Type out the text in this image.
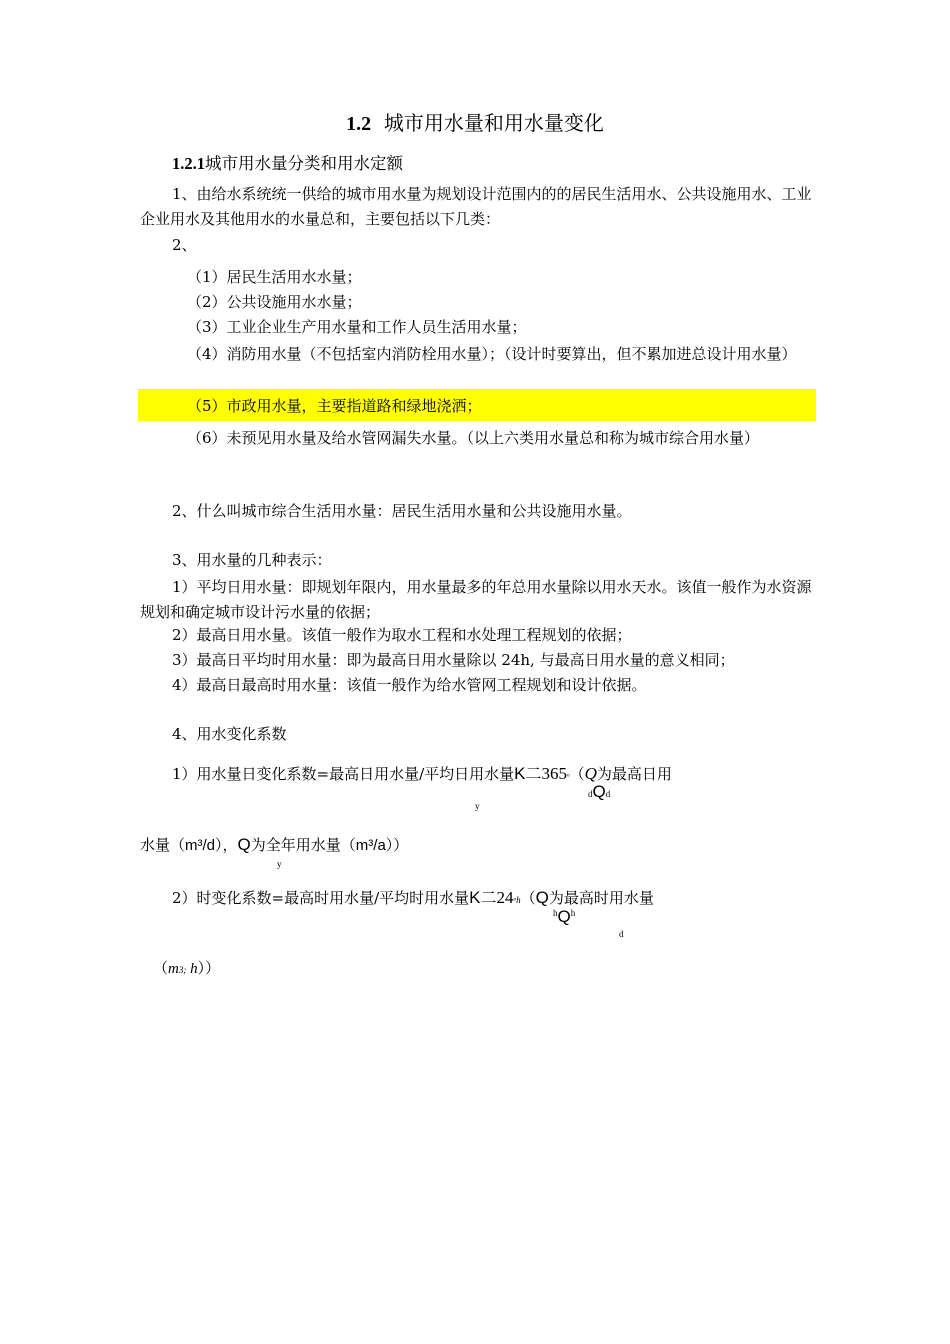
1.2 城市用水量和用水量变化
1.2.1城市用水量分类和用水定额
1、由给水系统统一供给的城市用水量为规划设计范围内的的居民生活用水、公共设施用水、工业企业用水及其他用水的水量总和，主要包括以下几类：
2、
（1）居民生活用水水量；
（2）公共设施用水水量；
（3）工业企业生产用水量和工作人员生活用水量；
（4）消防用水量（不包括室内消防栓用水量）；（设计时要算出，但不累加进总设计用水量）
（5）市政用水量，主要指道路和绿地浇洒；
（6）未预见用水量及给水管网漏失水量。（以上六类用水量总和称为城市综合用水量）
2、什么叫城市综合生活用水量：居民生活用水量和公共设施用水量。
3、用水量的几种表示：
1）平均日用水量：即规划年限内，用水量最多的年总用水量除以用水天水。该值一般作为水资源规划和确定城市设计污水量的依据；
2）最高日用水量。该值一般作为取水工程和水处理工程规划的依据；
3）最高日平均时用水量：即为最高日用水量除以 24h, 与最高日用水量的意义相同；
4）最高日最高时用水量：该值一般作为给水管网工程规划和设计依据。
4、用水变化系数
1）用水量日变化系数=最高日用水量/平均日用水量K二365ᵒ（Q为最高日用
y
dQd
水量（m³/d），Q为全年用水量（m³/a））
y
2）时变化系数=最高时用水量/平均时用水量K二24ᵒh（Q为最高时用水量
$^hQ^h$
d
（m3; h））
